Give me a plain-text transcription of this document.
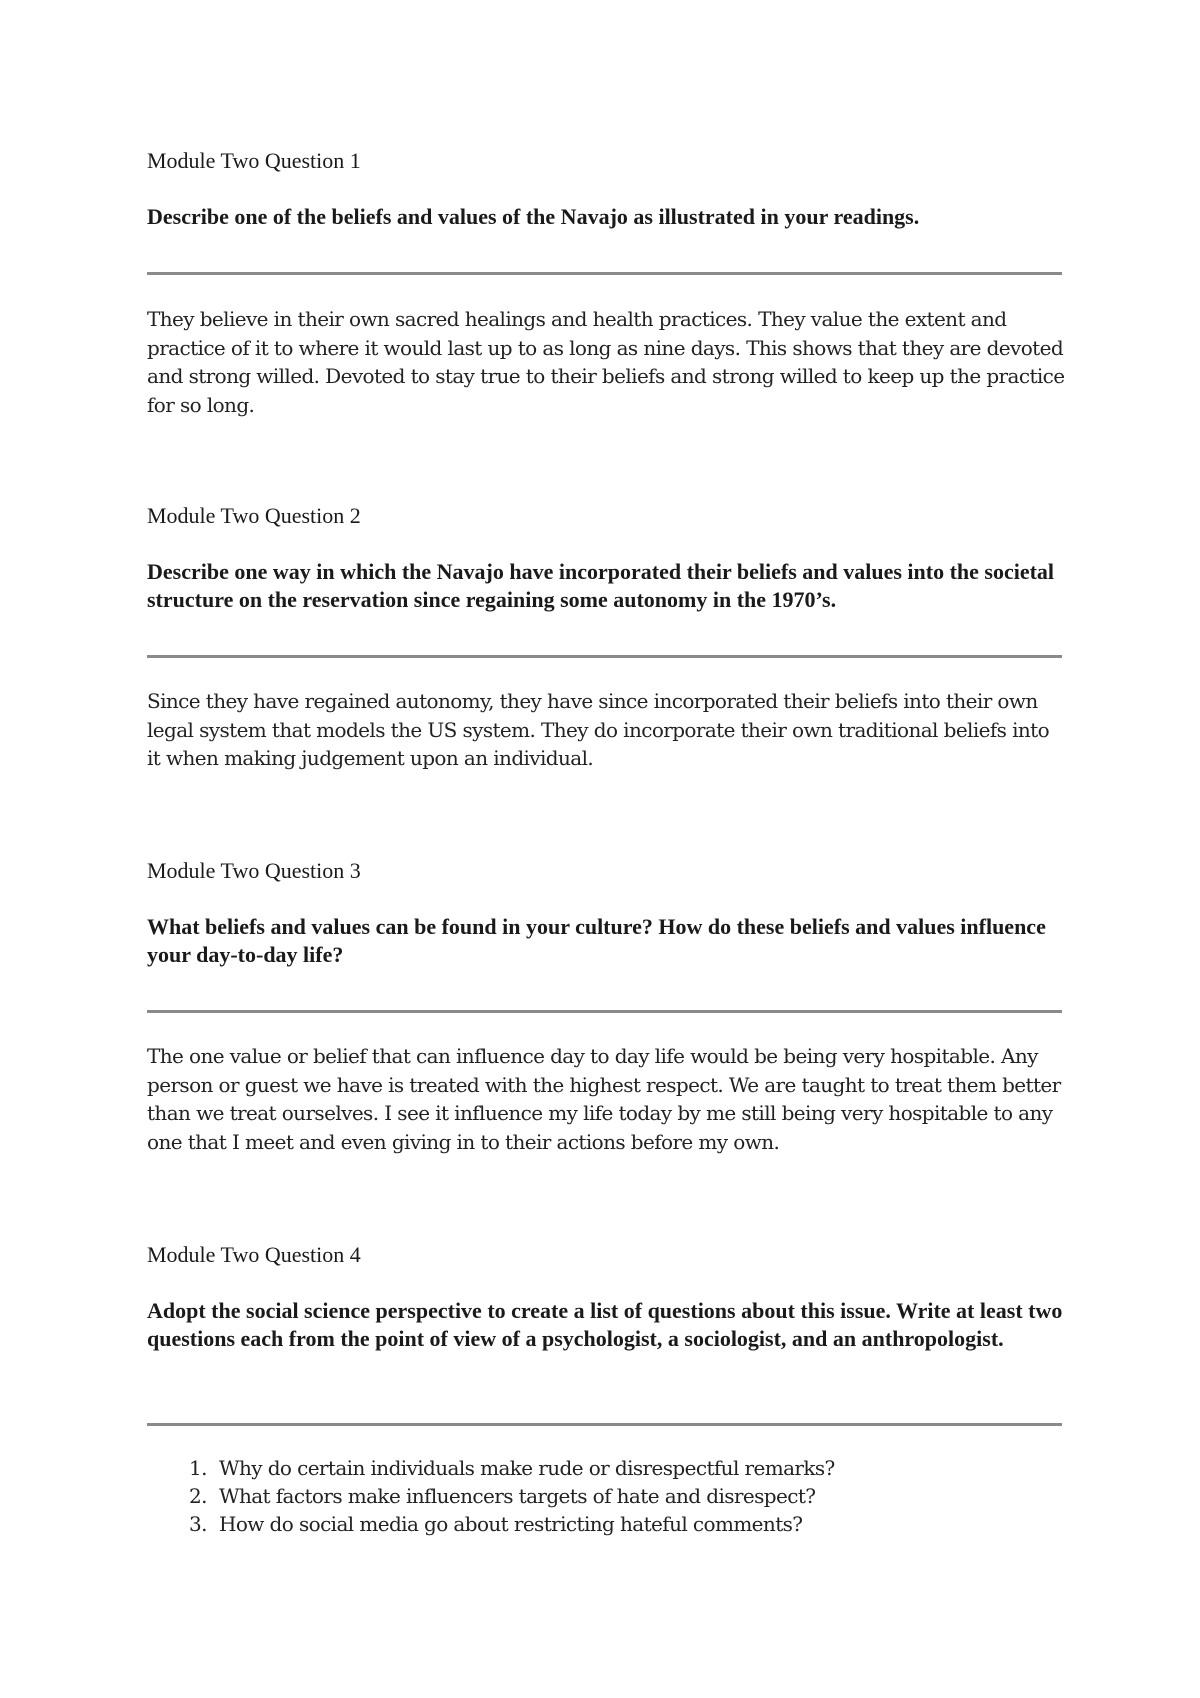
Module Two Question 1
Describe one of the beliefs and values of the Navajo as illustrated in your readings.
They believe in their own sacred healings and health practices. They value the extent and practice of it to where it would last up to as long as nine days. This shows that they are devoted and strong willed. Devoted to stay true to their beliefs and strong willed to keep up the practice for so long.
Module Two Question 2
Describe one way in which the Navajo have incorporated their beliefs and values into the societal structure on the reservation since regaining some autonomy in the 1970’s.
Since they have regained autonomy, they have since incorporated their beliefs into their own legal system that models the US system. They do incorporate their own traditional beliefs into it when making judgement upon an individual.
Module Two Question 3
What beliefs and values can be found in your culture? How do these beliefs and values influence your day-to-day life?
The one value or belief that can influence day to day life would be being very hospitable. Any person or guest we have is treated with the highest respect. We are taught to treat them better than we treat ourselves. I see it influence my life today by me still being very hospitable to any one that I meet and even giving in to their actions before my own.
Module Two Question 4
Adopt the social science perspective to create a list of questions about this issue. Write at least two questions each from the point of view of a psychologist, a sociologist, and an anthropologist.
1. Why do certain individuals make rude or disrespectful remarks?
2. What factors make influencers targets of hate and disrespect?
3. How do social media go about restricting hateful comments?
